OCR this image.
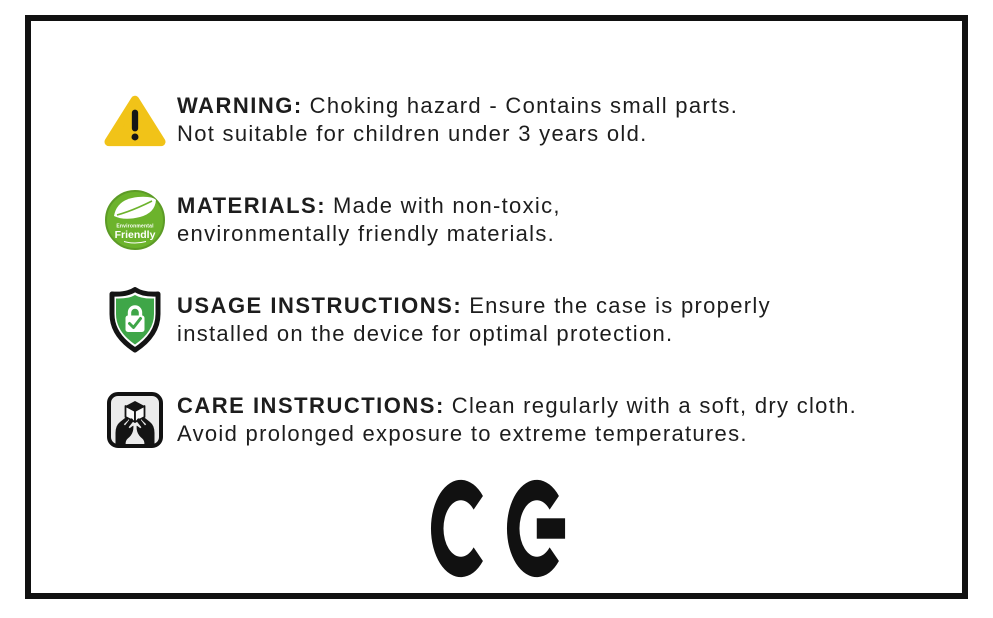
WARNING: Choking hazard - Contains small parts.

Not suitable for children under 3 years old.

Environmental
Friendly

MATERIALS: Made with non-toxic,

environmentally friendly materials.

USAGE INSTRUCTIONS: Ensure the case is properly

installed on the device for optimal protection.

CARE INSTRUCTIONS: Clean regularly with a soft, dry cloth.

Avoid prolonged exposure to extreme temperatures.
